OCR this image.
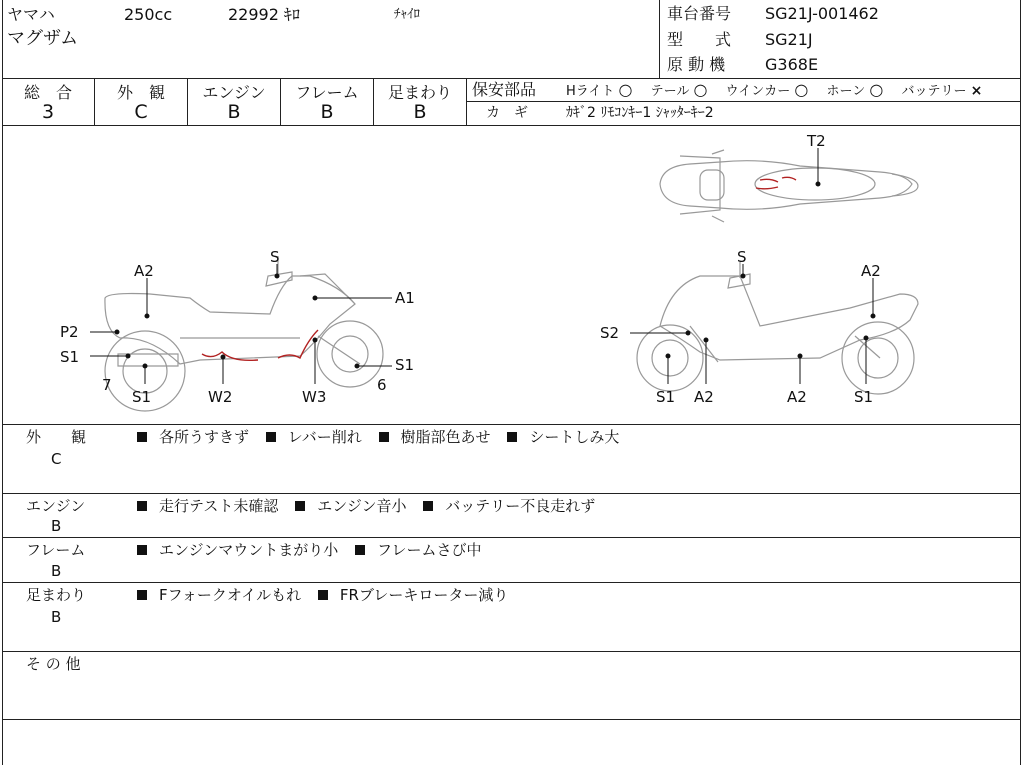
ヤマハ	250cc	22992 ｷﾛ	ﾁｬｲﾛ
マグザム
車台番号 SG21J-001462
型　　式 SG21J
原 動 機 G368E
総　合
3
外　観
C
エンジン
B
フレーム
B
足まわり
B
保安部品 Hライト ○ テール ○ ウインカー ○ ホーン ○ バッテリー ×
カ　ギ	ｶｷﾞ2 ﾘﾓｺﾝｷｰ1 ｼｬｯﾀｰｷｰ2
T2
S
A2
A1
P2
S1
7
S1	W2	W3
6
S1
S
A2
S2
S1 A2	A2	S1
外　　観
C
各所うすきず	レバー削れ	樹脂部色あせ	シートしみ大
エンジン
B
走行テスト未確認	エンジン音小	バッテリー不良走れず
フレーム
B
エンジンマウントまがり小	フレームさび中
足まわり
B
Fフォークオイルもれ	FRブレーキローター減り
そ の 他
